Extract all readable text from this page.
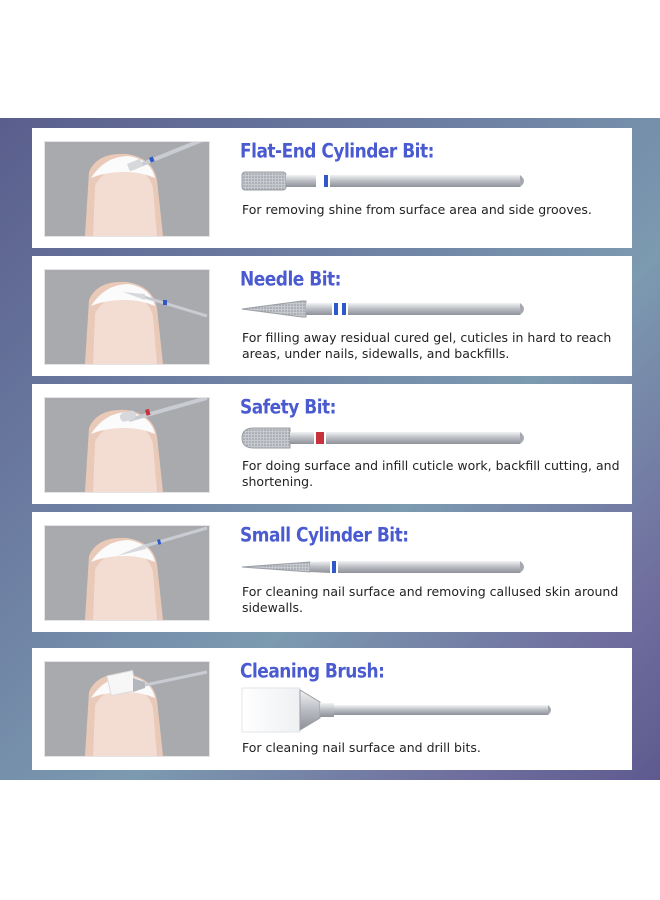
Flat-End Cylinder Bit:

For removing shine from surface area and side grooves.

Needle Bit:

For filling away residual cured gel, cuticles in hard to reach areas, under nails, sidewalls, and backfills.

Safety Bit:

For doing surface and infill cuticle work, backfill cutting, and shortening.

Small Cylinder Bit:

For cleaning nail surface and removing callused skin around sidewalls.

Cleaning Brush:

For cleaning nail surface and drill bits.
